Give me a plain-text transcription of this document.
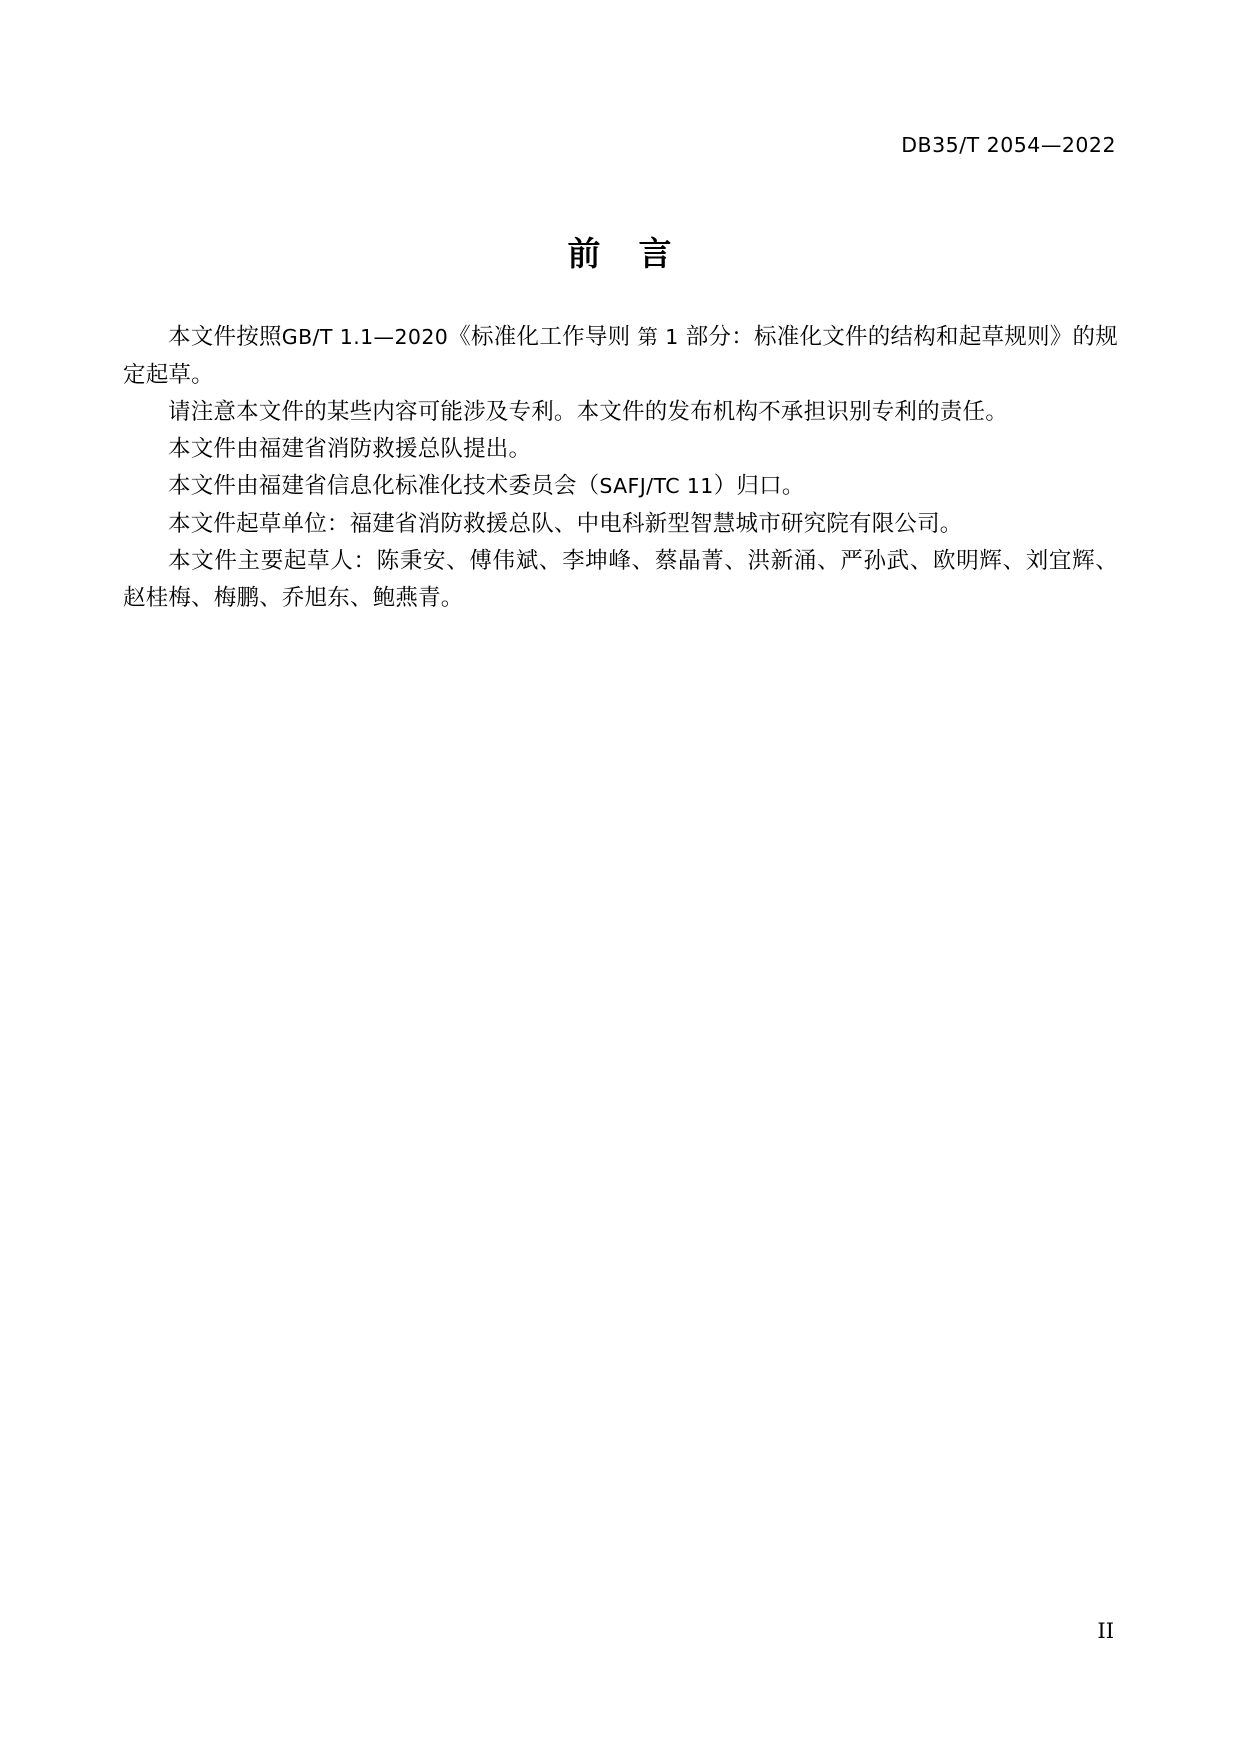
DB35/T 2054—2022
前 言
本文件按照GB/T 1.1—2020《标准化工作导则 第 1 部分：标准化文件的结构和起草规则》的规定起草。
请注意本文件的某些内容可能涉及专利。本文件的发布机构不承担识别专利的责任。
本文件由福建省消防救援总队提出。
本文件由福建省信息化标准化技术委员会（SAFJ/TC 11）归口。
本文件起草单位：福建省消防救援总队、中电科新型智慧城市研究院有限公司。
本文件主要起草人：陈秉安、傅伟斌、李坤峰、蔡晶菁、洪新涌、严孙武、欧明辉、刘宜辉、赵桂梅、梅鹏、乔旭东、鲍燕青。
II
